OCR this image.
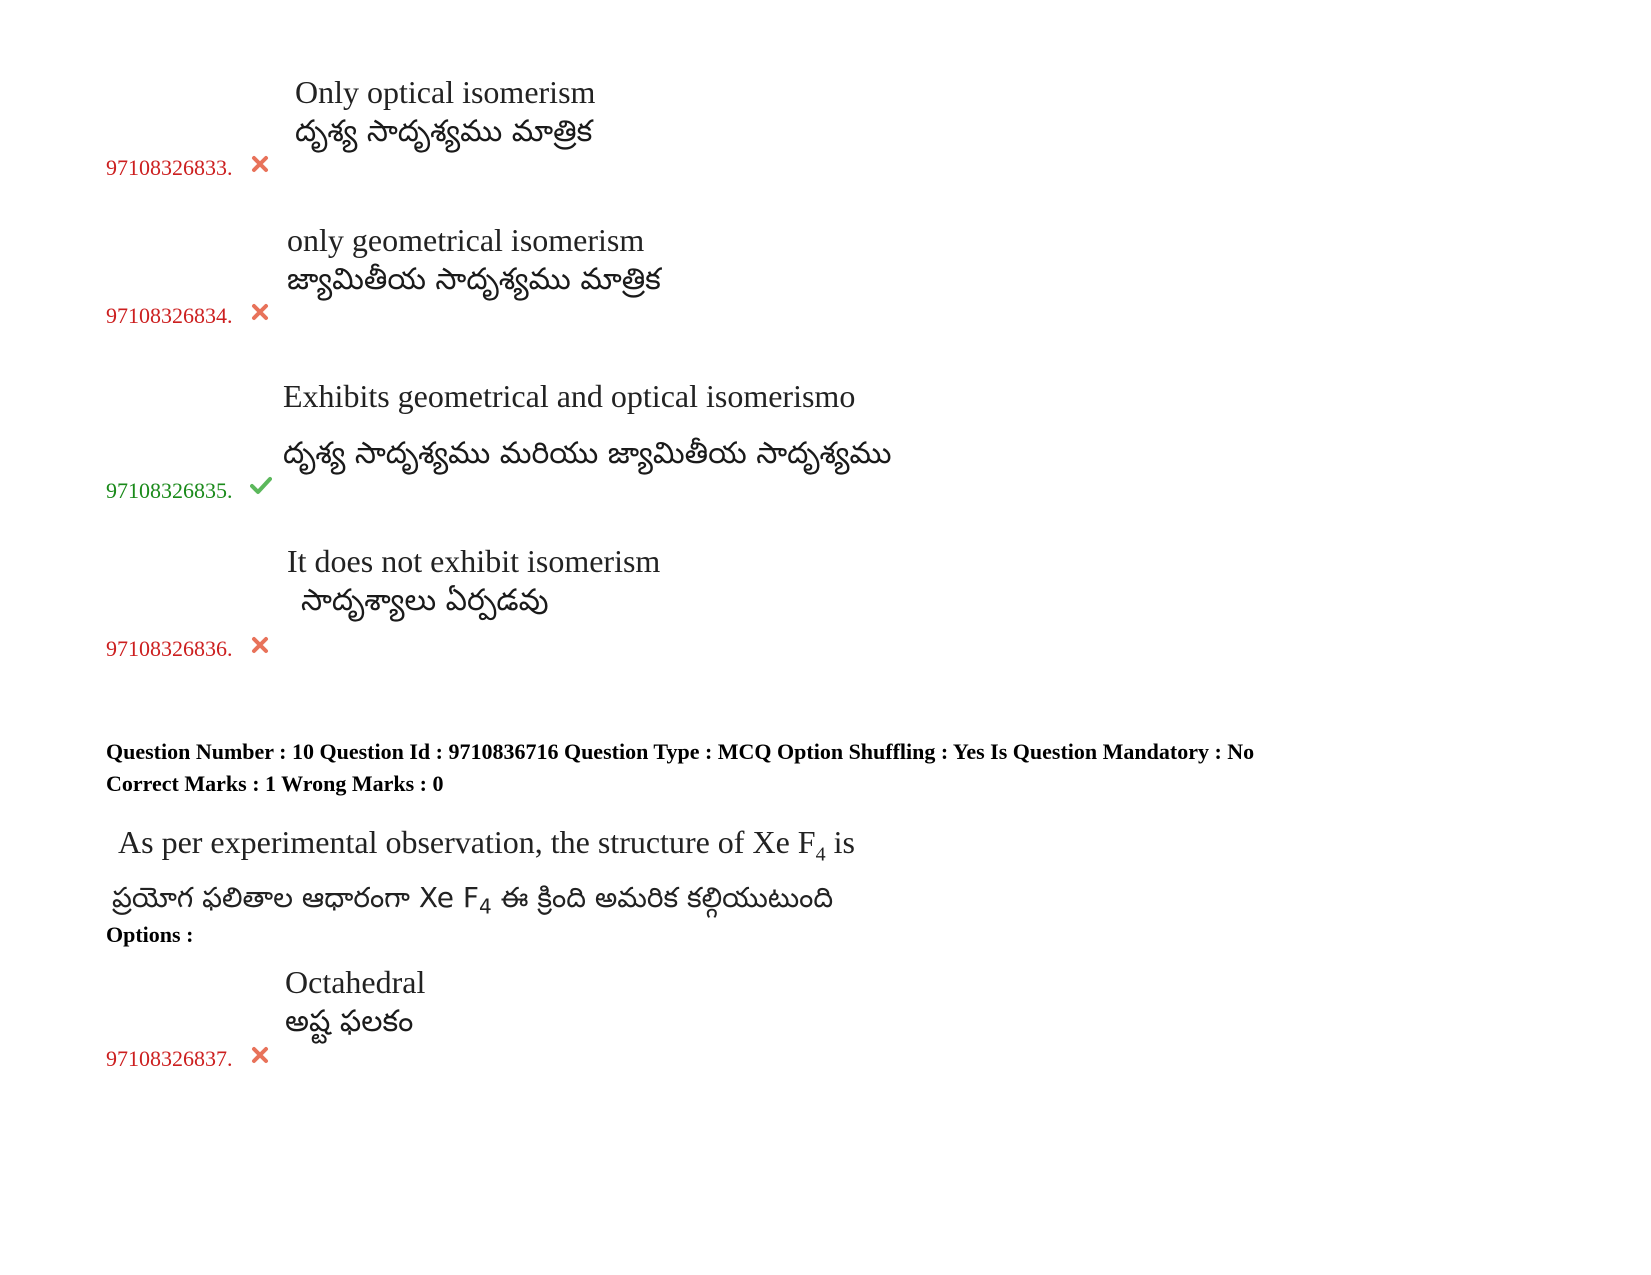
Only optical isomerism
దృశ్య సాదృశ్యము మాత్రిక
97108326833.
only geometrical isomerism
జ్యామితీయ సాదృశ్యము మాత్రిక
97108326834.
Exhibits geometrical and optical isomerismo
దృశ్య సాదృశ్యము మరియు జ్యామితీయ సాదృశ్యము
97108326835.
It does not exhibit isomerism
సాదృశ్యాలు ఏర్పడవు
97108326836.
Question Number : 10 Question Id : 9710836716 Question Type : MCQ Option Shuffling : Yes Is Question Mandatory : No
Correct Marks : 1 Wrong Marks : 0
As per experimental observation, the structure of Xe $F_4$ is
ప్రయోగ ఫలితాల ఆధారంగా Xe $F_4$ ఈ క్రింది అమరిక కల్గియుటుంది
Options :
Octahedral
అష్ట ఫలకం
97108326837.
